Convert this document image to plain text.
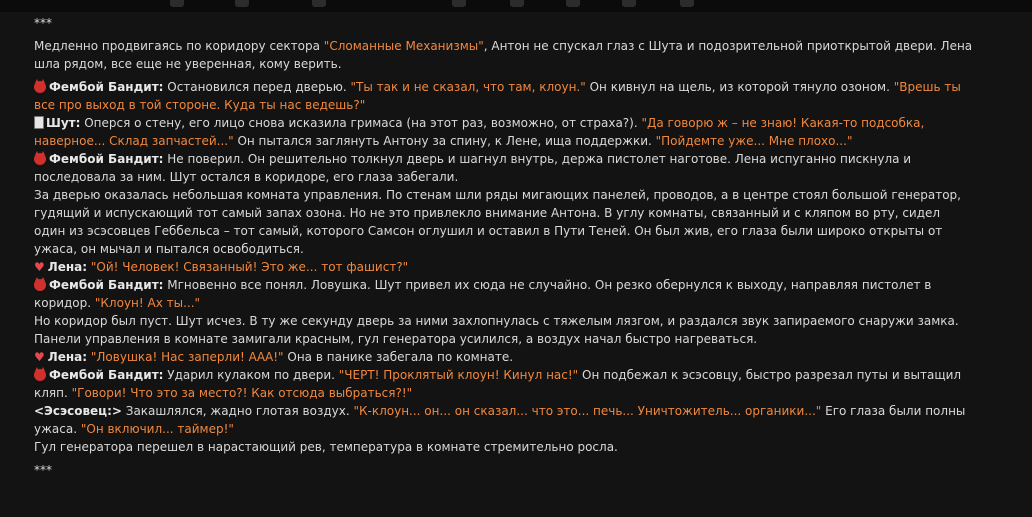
***

Медленно продвигаясь по коридору сектора "Сломанные Механизмы", Антон не спускал глаз с Шута и подозрительной приоткрытой двери. Лена шла рядом, все еще не уверенная, кому верить.

Фембой Бандит: Остановился перед дверью. "Ты так и не сказал, что там, клоун." Он кивнул на щель, из которой тянуло озоном. "Врешь ты все про выход в той стороне. Куда ты нас ведешь?"

Шут: Оперся о стену, его лицо снова исказила гримаса (на этот раз, возможно, от страха?). "Да говорю ж – не знаю! Какая-то подсобка, наверное... Склад запчастей..." Он пытался заглянуть Антону за спину, к Лене, ища поддержки. "Пойдемте уже... Мне плохо..."

Фембой Бандит: Не поверил. Он решительно толкнул дверь и шагнул внутрь, держа пистолет наготове. Лена испуганно пискнула и последовала за ним. Шут остался в коридоре, его глаза забегали.

За дверью оказалась небольшая комната управления. По стенам шли ряды мигающих панелей, проводов, а в центре стоял большой генератор, гудящий и испускающий тот самый запах озона. Но не это привлекло внимание Антона. В углу комнаты, связанный и с кляпом во рту, сидел один из эсэсовцев Геббельса – тот самый, которого Самсон оглушил и оставил в Пути Теней. Он был жив, его глаза были широко открыты от ужаса, он мычал и пытался освободиться.

♥ Лена: "Ой! Человек! Связанный! Это же... тот фашист?"

Фембой Бандит: Мгновенно все понял. Ловушка. Шут привел их сюда не случайно. Он резко обернулся к выходу, направляя пистолет в коридор. "Клоун! Ах ты..."

Но коридор был пуст. Шут исчез. В ту же секунду дверь за ними захлопнулась с тяжелым лязгом, и раздался звук запираемого снаружи замка. Панели управления в комнате замигали красным, гул генератора усилился, а воздух начал быстро нагреваться.

♥ Лена: "Ловушка! Нас заперли! ААА!" Она в панике забегала по комнате.

Фембой Бандит: Ударил кулаком по двери. "ЧЕРТ! Проклятый клоун! Кинул нас!" Он подбежал к эсэсовцу, быстро разрезал путы и вытащил кляп. "Говори! Что это за место?! Как отсюда выбраться?!"

<Эсэсовец:> Закашлялся, жадно глотая воздух. "К-клоун... он... он сказал... что это... печь... Уничтожитель... органики..." Его глаза были полны ужаса. "Он включил... таймер!"

Гул генератора перешел в нарастающий рев, температура в комнате стремительно росла.

***
